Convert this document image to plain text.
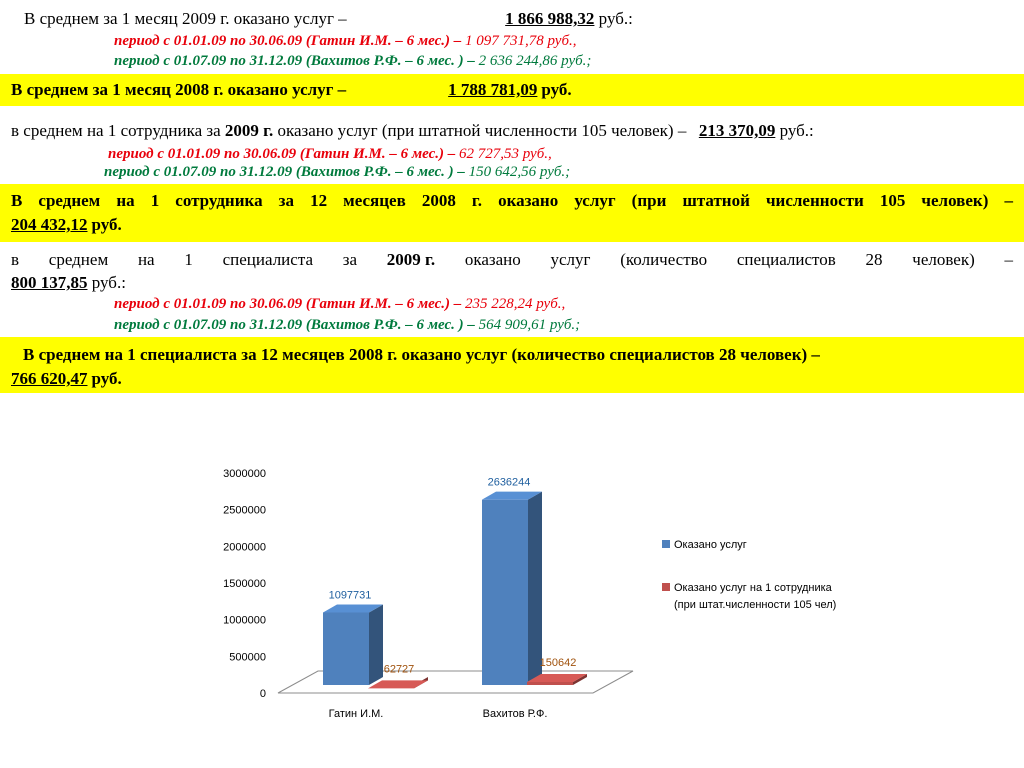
В среднем за 1 месяц 2009 г. оказано услуг –	1 866 988,32 руб.:
период с 01.01.09 по 30.06.09 (Гатин И.М. – 6 мес.) – 1 097 731,78 руб.,
период с 01.07.09 по 31.12.09 (Вахитов Р.Ф. – 6 мес. ) – 2 636 244,86 руб.;
В среднем за 1 месяц 2008 г. оказано услуг –	1 788 781,09 руб.
в среднем на 1 сотрудника за 2009 г. оказано услуг (при штатной численности 105 человек) – 213 370,09 руб.:
период с 01.01.09 по 30.06.09 (Гатин И.М. – 6 мес.) – 62 727,53 руб.,
период с 01.07.09 по 31.12.09 (Вахитов Р.Ф. – 6 мес. ) – 150 642,56 руб.;
В среднем на 1 сотрудника за 12 месяцев 2008 г. оказано услуг (при штатной численности 105 человек) –
204 432,12 руб.
в среднем на 1 специалиста за 2009 г. оказано услуг (количество специалистов 28 человек) –
800 137,85 руб.:
период с 01.01.09 по 30.06.09 (Гатин И.М. – 6 мес.) – 235 228,24 руб.,
период с 01.07.09 по 31.12.09 (Вахитов Р.Ф. – 6 мес. ) – 564 909,61 руб.;
В среднем на 1 специалиста за 12 месяцев 2008 г. оказано услуг (количество специалистов 28 человек) –
766 620,47 руб.
0
500000
1000000
1500000
2000000
2500000
3000000
1097731
62727
Гатин И.М.
2636244
150642
Вахитов Р.Ф.
Оказано услуг
Оказано услуг на 1 сотрудника
(при штат.численности 105 чел)
